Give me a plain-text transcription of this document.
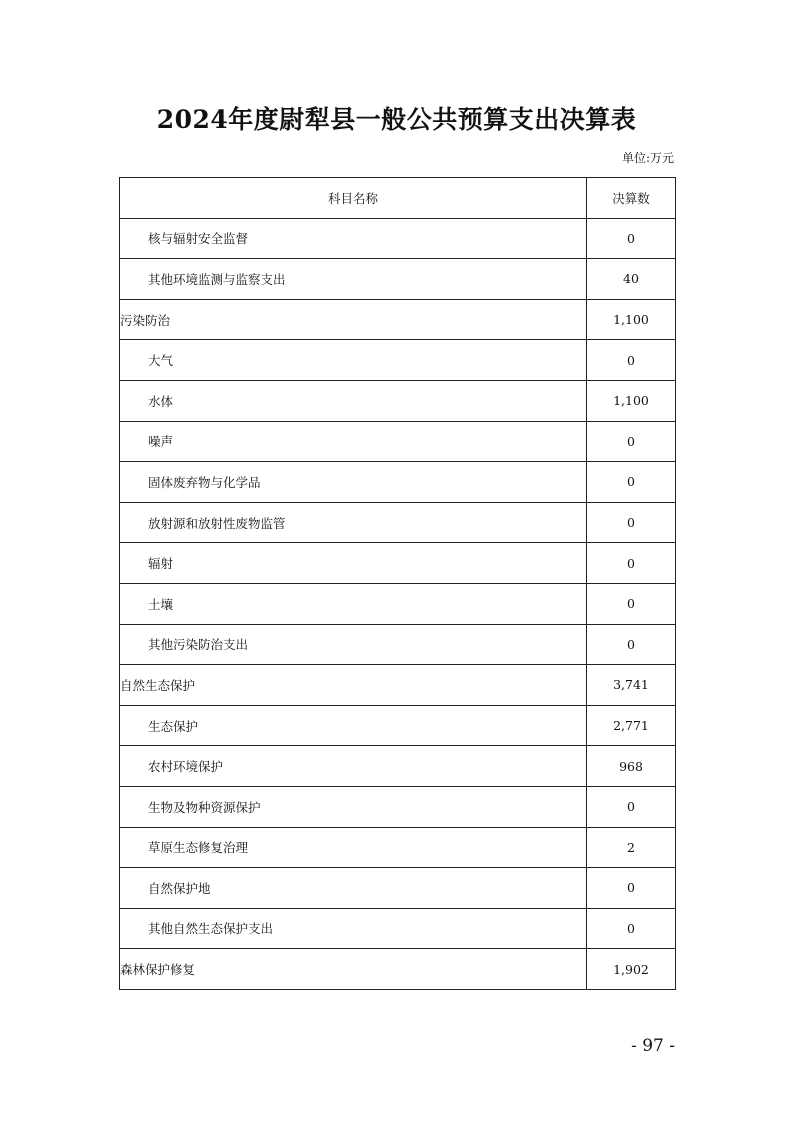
2024年度尉犁县一般公共预算支出决算表
单位:万元
科目名称	决算数
核与辐射安全监督	0
其他环境监测与监察支出	40
污染防治	1,100
大气	0
水体	1,100
噪声	0
固体废弃物与化学品	0
放射源和放射性废物监管	0
辐射	0
土壤	0
其他污染防治支出	0
自然生态保护	3,741
生态保护	2,771
农村环境保护	968
生物及物种资源保护	0
草原生态修复治理	2
自然保护地	0
其他自然生态保护支出	0
森林保护修复	1,902
- 97 -
